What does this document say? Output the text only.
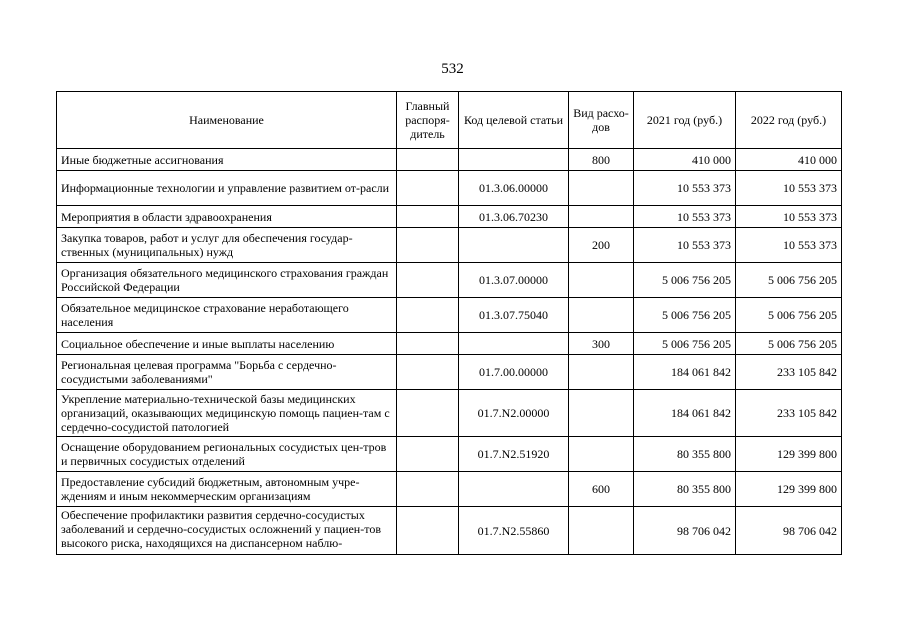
532
Наименование	Главный распоря-дитель	Код целевой статьи	Вид расхо-дов	2021 год (руб.)	2022 год (руб.)
Иные бюджетные ассигнования			800	410 000	410 000
Информационные технологии и управление развитием от-расли		01.3.06.00000		10 553 373	10 553 373
Мероприятия в области здравоохранения		01.3.06.70230		10 553 373	10 553 373
Закупка товаров, работ и услуг для обеспечения государ-ственных (муниципальных) нужд			200	10 553 373	10 553 373
Организация обязательного медицинского страхования граждан Российской Федерации		01.3.07.00000		5 006 756 205	5 006 756 205
Обязательное медицинское страхование неработающего населения		01.3.07.75040		5 006 756 205	5 006 756 205
Социальное обеспечение и иные выплаты населению			300	5 006 756 205	5 006 756 205
Региональная целевая программа "Борьба с сердечно-сосудистыми заболеваниями"		01.7.00.00000		184 061 842	233 105 842
Укрепление материально-технической базы медицинских организаций, оказывающих медицинскую помощь пациен-там с сердечно-сосудистой патологией		01.7.N2.00000		184 061 842	233 105 842
Оснащение оборудованием региональных сосудистых цен-тров и первичных сосудистых отделений		01.7.N2.51920		80 355 800	129 399 800
Предоставление субсидий бюджетным, автономным учре-ждениям и иным некоммерческим организациям			600	80 355 800	129 399 800
Обеспечение профилактики развития сердечно-сосудистых заболеваний и сердечно-сосудистых осложнений у пациен-тов высокого риска, находящихся на диспансерном наблю-		01.7.N2.55860		98 706 042	98 706 042
